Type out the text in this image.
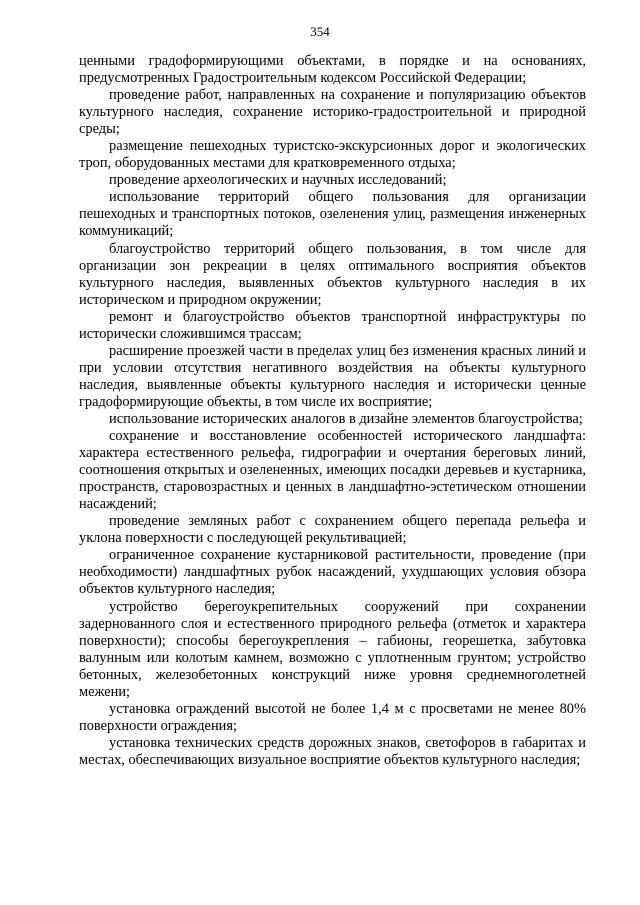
354

ценными градоформирующими объектами, в порядке и на основаниях, предусмотренных Градостроительным кодексом Российской Федерации;

проведение работ, направленных на сохранение и популяризацию объектов культурного наследия, сохранение историко-градостроительной и природной среды;

размещение пешеходных туристско-экскурсионных дорог и экологических троп, оборудованных местами для кратковременного отдыха;

проведение археологических и научных исследований;

использование территорий общего пользования для организации пешеходных и транспортных потоков, озеленения улиц, размещения инженерных коммуникаций;

благоустройство территорий общего пользования, в том числе для организации зон рекреации в целях оптимального восприятия объектов культурного наследия, выявленных объектов культурного наследия в их историческом и природном окружении;

ремонт и благоустройство объектов транспортной инфраструктуры по исторически сложившимся трассам;

расширение проезжей части в пределах улиц без изменения красных линий и при условии отсутствия негативного воздействия на объекты культурного наследия, выявленные объекты культурного наследия и исторически ценные градоформирующие объекты, в том числе их восприятие;

использование исторических аналогов в дизайне элементов благоустройства;

сохранение и восстановление особенностей исторического ландшафта: характера естественного рельефа, гидрографии и очертания береговых линий, соотношения открытых и озелененных, имеющих посадки деревьев и кустарника, пространств, старовозрастных и ценных в ландшафтно-эстетическом отношении насаждений;

проведение земляных работ с сохранением общего перепада рельефа и уклона поверхности с последующей рекультивацией;

ограниченное сохранение кустарниковой растительности, проведение (при необходимости) ландшафтных рубок насаждений, ухудшающих условия обзора объектов культурного наследия;

устройство берегоукрепительных сооружений при сохранении задернованного слоя и естественного природного рельефа (отметок и характера поверхности); способы берегоукрепления – габионы, георешетка, забутовка валунным или колотым камнем, возможно с уплотненным грунтом; устройство бетонных, железобетонных конструкций ниже уровня среднемноголетней межени;

установка ограждений высотой не более 1,4 м с просветами не менее 80% поверхности ограждения;

установка технических средств дорожных знаков, светофоров в габаритах и местах, обеспечивающих визуальное восприятие объектов культурного наследия;
